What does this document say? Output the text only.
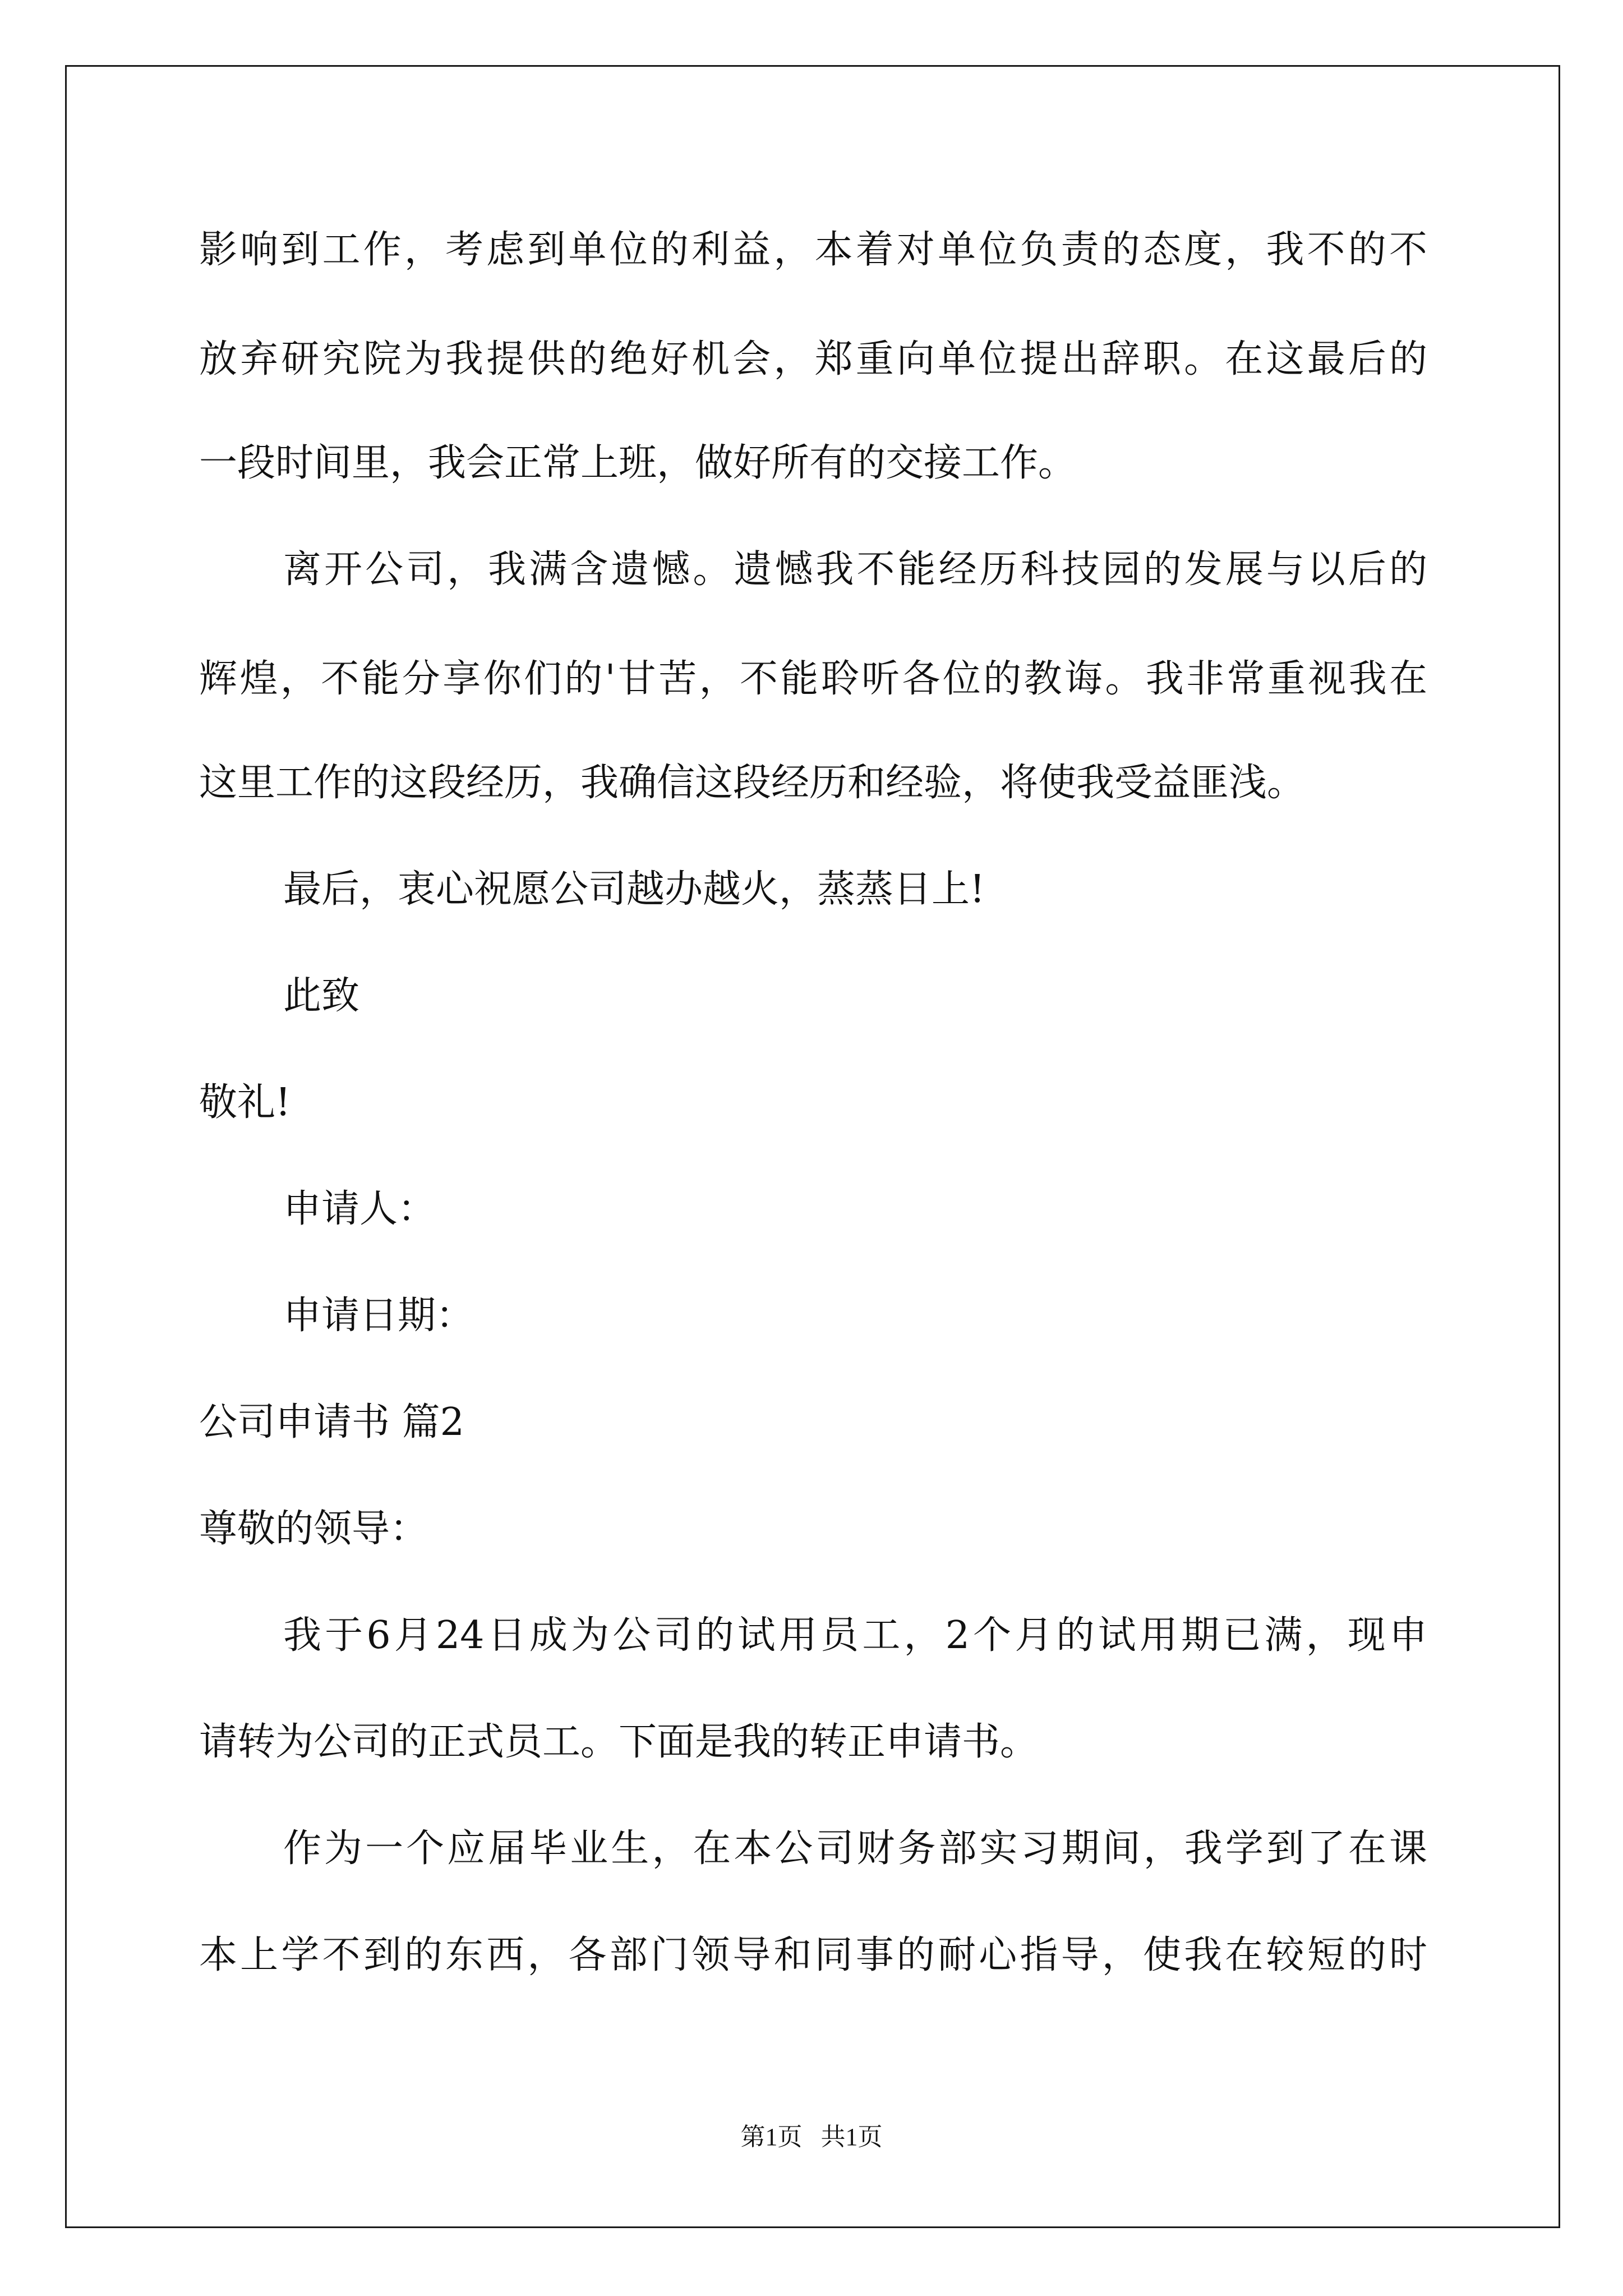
影响到工作，考虑到单位的利益，本着对单位负责的态度，我不的不
放弃研究院为我提供的绝好机会，郑重向单位提出辞职。在这最后的
一段时间里，我会正常上班，做好所有的交接工作。
离开公司，我满含遗憾。遗憾我不能经历科技园的发展与以后的
辉煌，不能分享你们的'甘苦，不能聆听各位的教诲。我非常重视我在
这里工作的这段经历，我确信这段经历和经验，将使我受益匪浅。
最后，衷心祝愿公司越办越火，蒸蒸日上!
此致
敬礼!
申请人：
申请日期：
公司申请书 篇2
尊敬的领导：
我于6月24日成为公司的试用员工，2个月的试用期已满，现申
请转为公司的正式员工。下面是我的转正申请书。
作为一个应届毕业生，在本公司财务部实习期间，我学到了在课
本上学不到的东西，各部门领导和同事的耐心指导，使我在较短的时
第1页   共1页
